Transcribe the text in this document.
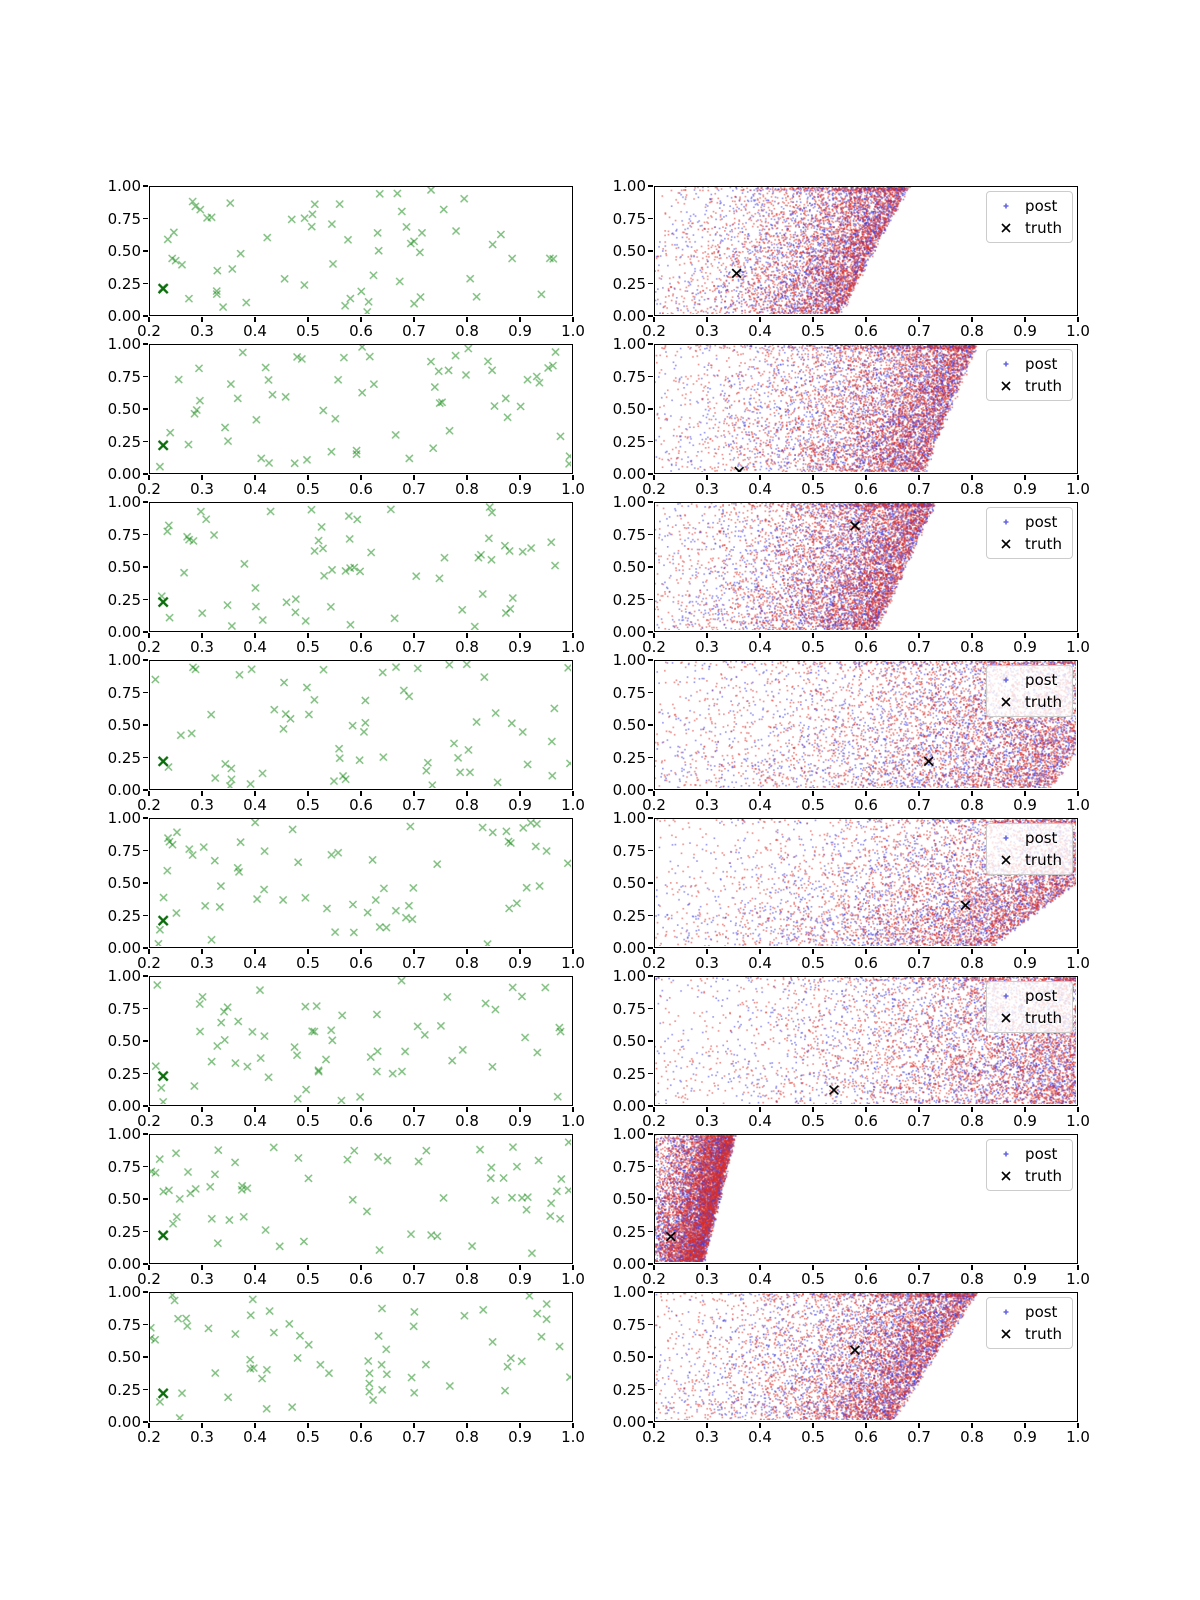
0.2	0.3	0.4	0.5	0.6	0.7	0.8	0.9	1.0
0.00
0.25
0.50
0.75
1.00
0.2	0.3	0.4	0.5	0.6	0.7	0.8	0.9	1.0
0.00
0.25
0.50
0.75
1.00
post
truth
0.2	0.3	0.4	0.5	0.6	0.7	0.8	0.9	1.0
0.00
0.25
0.50
0.75
1.00
0.2	0.3	0.4	0.5	0.6	0.7	0.8	0.9	1.0
0.00
0.25
0.50
0.75
1.00
post
truth
0.2	0.3	0.4	0.5	0.6	0.7	0.8	0.9	1.0
0.00
0.25
0.50
0.75
1.00
0.2	0.3	0.4	0.5	0.6	0.7	0.8	0.9	1.0
0.00
0.25
0.50
0.75
1.00
post
truth
0.2	0.3	0.4	0.5	0.6	0.7	0.8	0.9	1.0
0.00
0.25
0.50
0.75
1.00
0.2	0.3	0.4	0.5	0.6	0.7	0.8	0.9	1.0
0.00
0.25
0.50
0.75
1.00
post
truth
0.2	0.3	0.4	0.5	0.6	0.7	0.8	0.9	1.0
0.00
0.25
0.50
0.75
1.00
0.2	0.3	0.4	0.5	0.6	0.7	0.8	0.9	1.0
0.00
0.25
0.50
0.75
1.00
post
truth
0.2	0.3	0.4	0.5	0.6	0.7	0.8	0.9	1.0
0.00
0.25
0.50
0.75
1.00
0.2	0.3	0.4	0.5	0.6	0.7	0.8	0.9	1.0
0.00
0.25
0.50
0.75
1.00
post
truth
0.2	0.3	0.4	0.5	0.6	0.7	0.8	0.9	1.0
0.00
0.25
0.50
0.75
1.00
0.2	0.3	0.4	0.5	0.6	0.7	0.8	0.9	1.0
0.00
0.25
0.50
0.75
1.00
post
truth
0.2	0.3	0.4	0.5	0.6	0.7	0.8	0.9	1.0
0.00
0.25
0.50
0.75
1.00
0.2	0.3	0.4	0.5	0.6	0.7	0.8	0.9	1.0
0.00
0.25
0.50
0.75
1.00
post
truth
